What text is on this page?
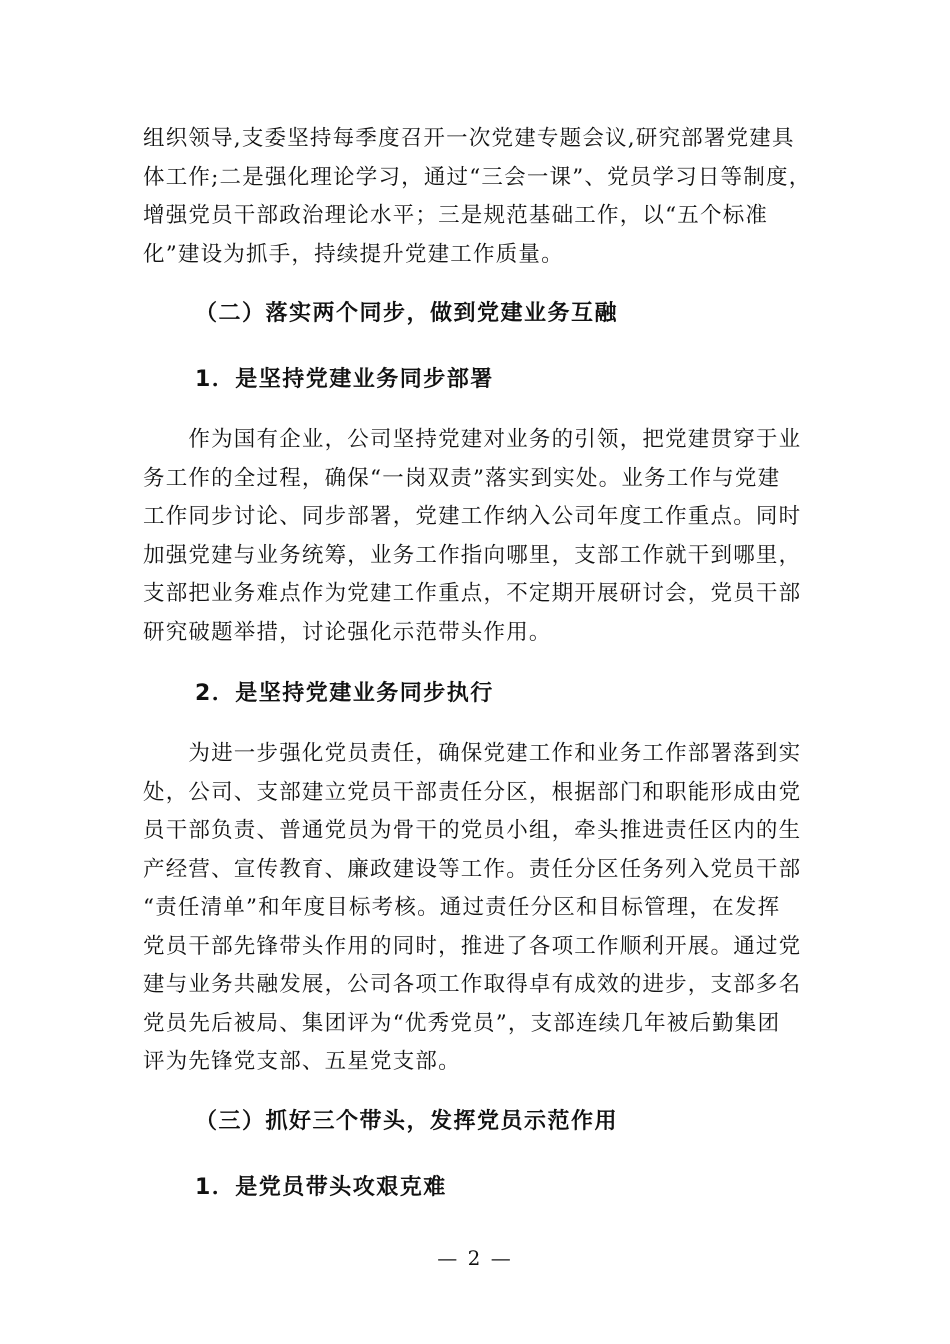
组织领导,支委坚持每季度召开一次党建专题会议,研究部署党建具
体工作;二是强化理论学习，通过“三会一课”、党员学习日等制度，
增强党员干部政治理论水平；三是规范基础工作，以“五个标准
化”建设为抓手，持续提升党建工作质量。
（二）落实两个同步，做到党建业务互融
1．是坚持党建业务同步部署
　　作为国有企业，公司坚持党建对业务的引领，把党建贯穿于业
务工作的全过程，确保“一岗双责”落实到实处。业务工作与党建
工作同步讨论、同步部署，党建工作纳入公司年度工作重点。同时
加强党建与业务统筹，业务工作指向哪里，支部工作就干到哪里，
支部把业务难点作为党建工作重点，不定期开展研讨会，党员干部
研究破题举措，讨论强化示范带头作用。
2．是坚持党建业务同步执行
　　为进一步强化党员责任，确保党建工作和业务工作部署落到实
处，公司、支部建立党员干部责任分区，根据部门和职能形成由党
员干部负责、普通党员为骨干的党员小组，牵头推进责任区内的生
产经营、宣传教育、廉政建设等工作。责任分区任务列入党员干部
“责任清单”和年度目标考核。通过责任分区和目标管理，在发挥
党员干部先锋带头作用的同时，推进了各项工作顺利开展。通过党
建与业务共融发展，公司各项工作取得卓有成效的进步，支部多名
党员先后被局、集团评为“优秀党员”，支部连续几年被后勤集团
评为先锋党支部、五星党支部。
（三）抓好三个带头，发挥党员示范作用
1．是党员带头攻艰克难
— 2 —
